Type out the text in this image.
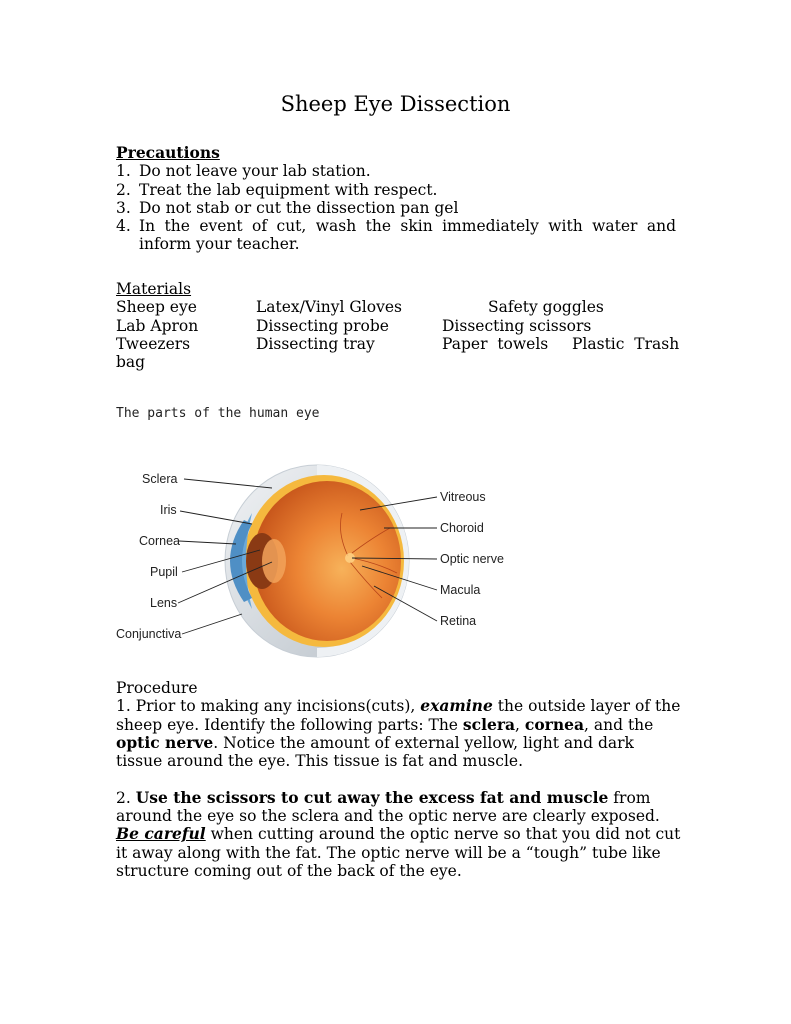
Sheep Eye Dissection
Precautions
1. Do not leave your lab station.
2. Treat the lab equipment with respect.
3. Do not stab or cut the dissection pan gel
4. In the event of cut, wash the skin immediately with water and inform your teacher.
Materials
Sheep eye	Latex/Vinyl Gloves	Safety goggles
Lab Apron	Dissecting probe	Dissecting scissors
Tweezers	Dissecting tray	Paper  towels Plastic  Trash
bag
The parts of the human eye
Sclera
Iris
Cornea
Pupil
Lens
Conjunctiva
Vitreous
Choroid
Optic nerve
Macula
Retina
Procedure

1. Prior to making any incisions(cuts), examine the outside layer of the sheep eye. Identify the following parts: The sclera, cornea, and the optic nerve. Notice the amount of external yellow, light and dark tissue around the eye. This tissue is fat and muscle.

2. Use the scissors to cut away the excess fat and muscle from around the eye so the sclera and the optic nerve are clearly exposed. Be careful when cutting around the optic nerve so that you did not cut it away along with the fat. The optic nerve will be a “tough” tube like structure coming out of the back of the eye.
